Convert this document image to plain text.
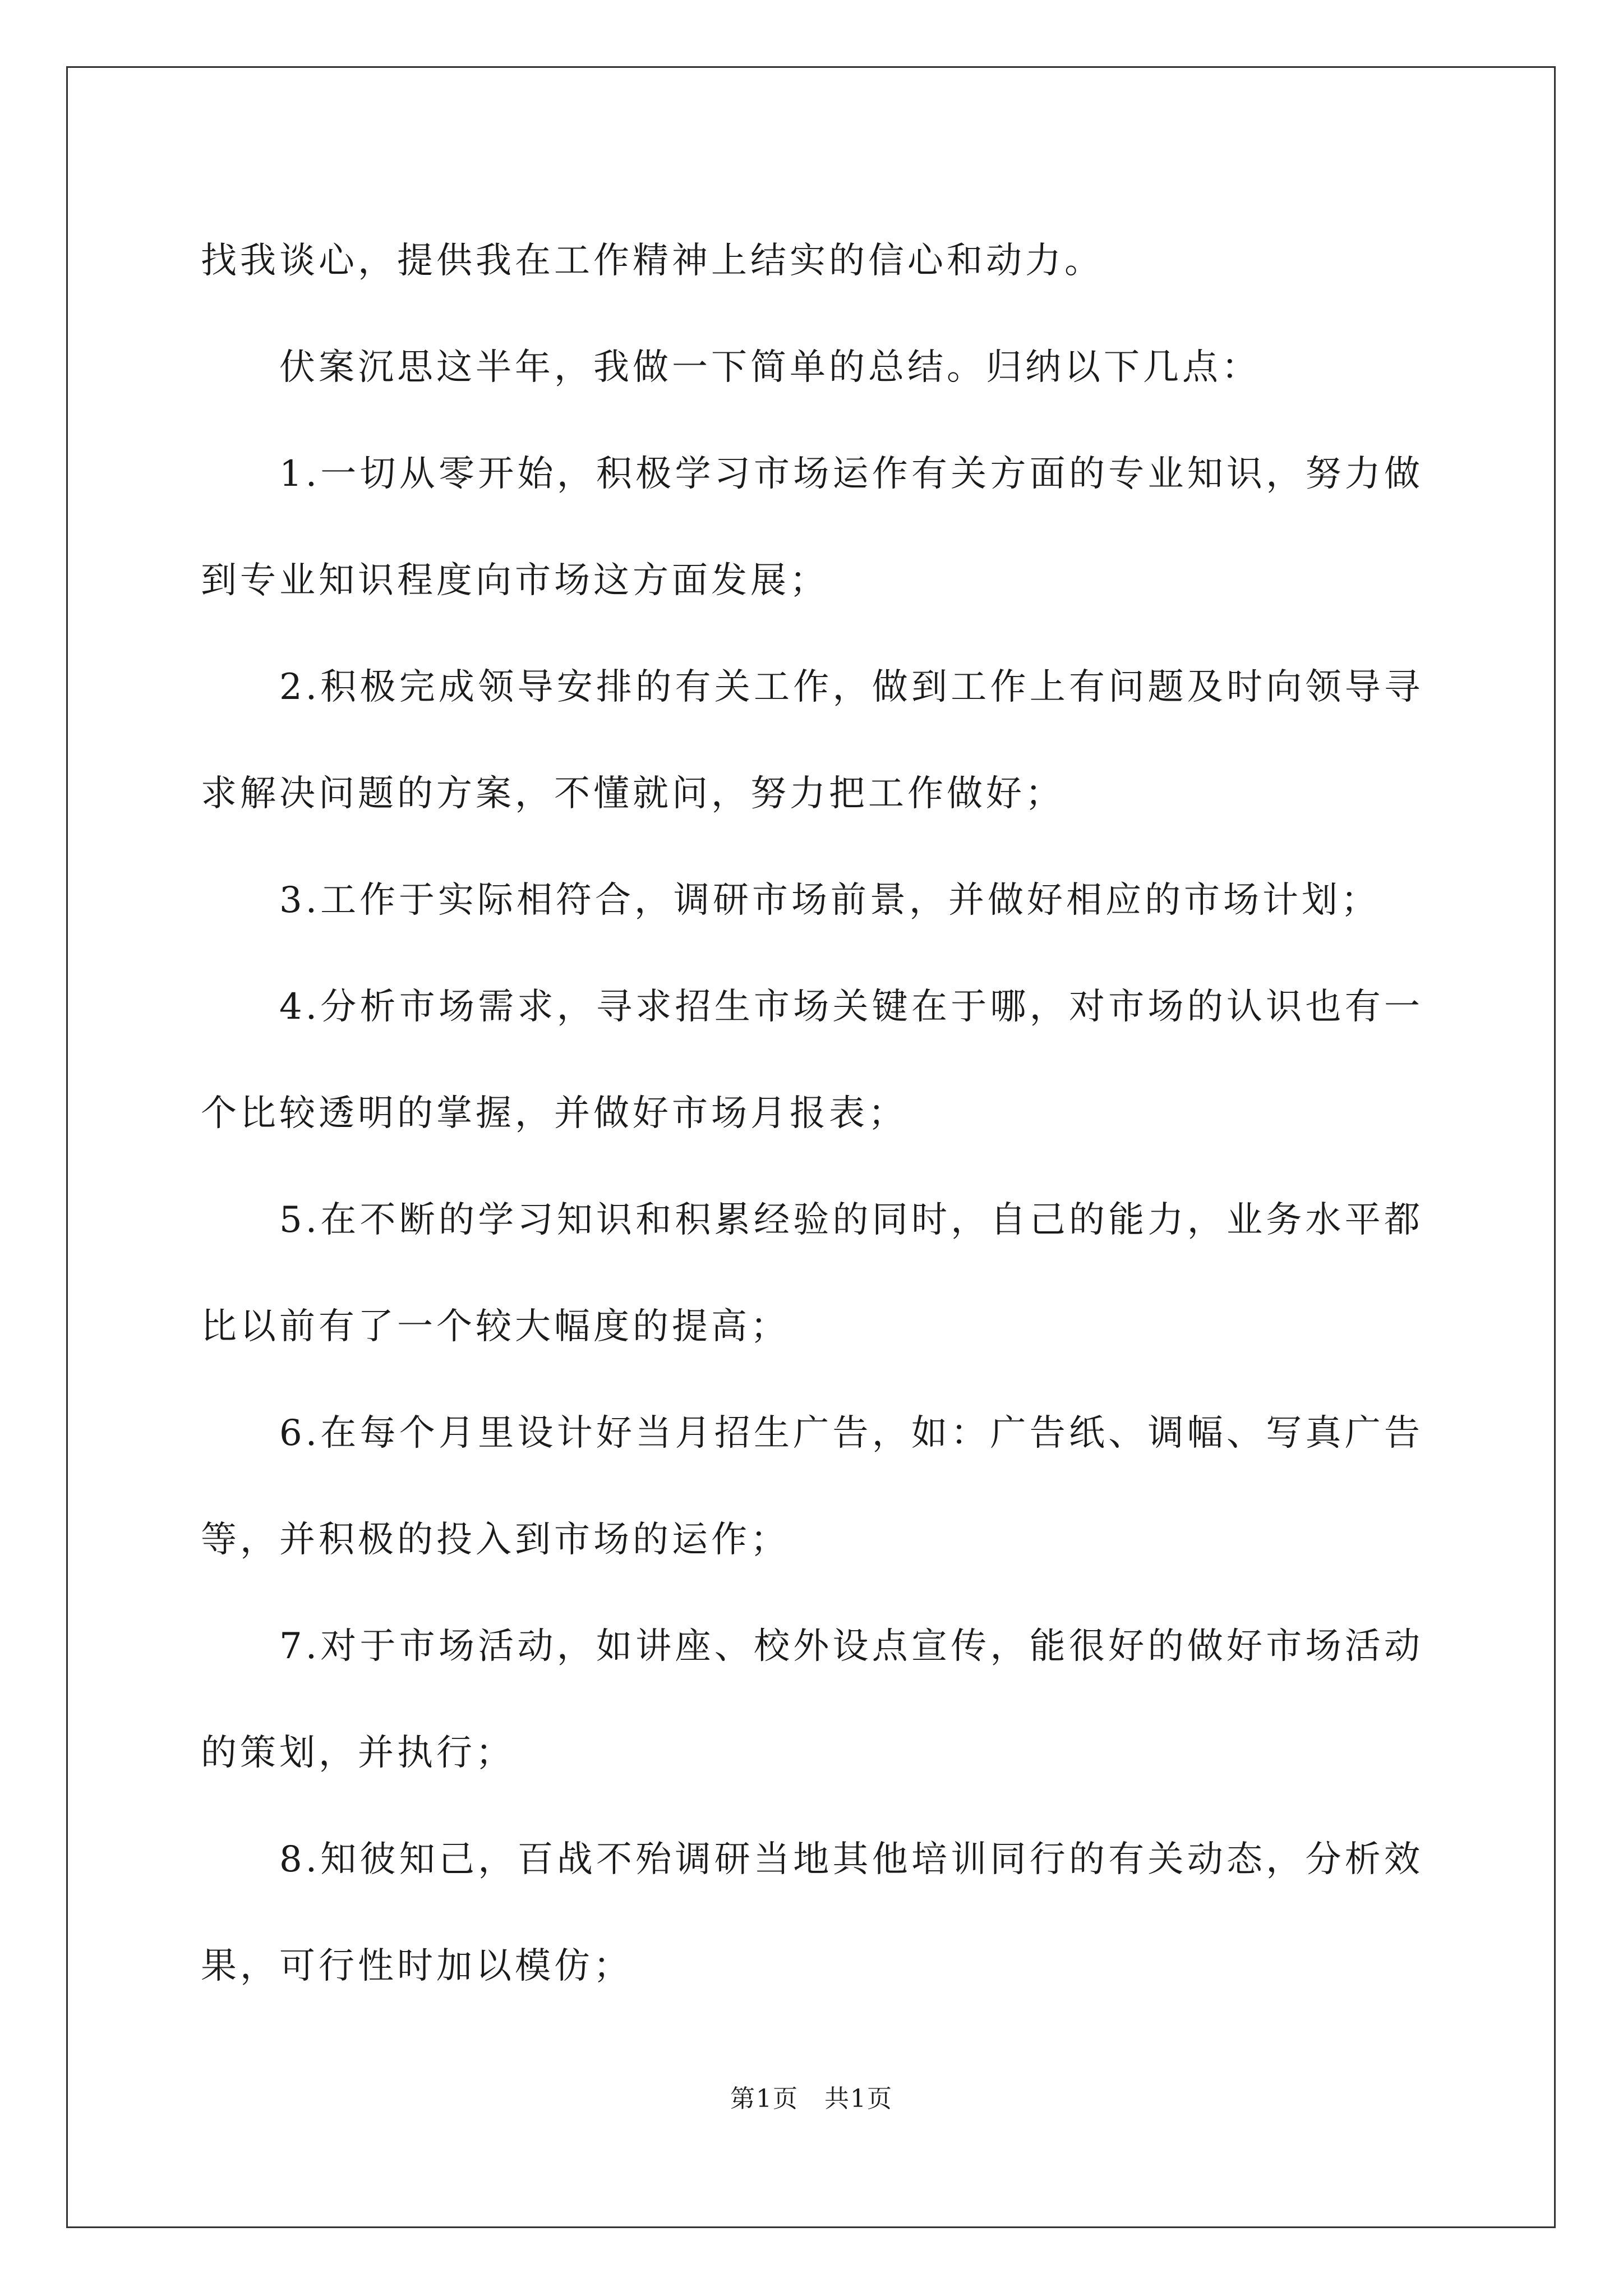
找我谈心，提供我在工作精神上结实的信心和动力。

伏案沉思这半年，我做一下简单的总结。归纳以下几点：

1.一切从零开始，积极学习市场运作有关方面的专业知识，努力做到专业知识程度向市场这方面发展；

2.积极完成领导安排的有关工作，做到工作上有问题及时向领导寻求解决问题的方案，不懂就问，努力把工作做好；

3.工作于实际相符合，调研市场前景，并做好相应的市场计划；

4.分析市场需求，寻求招生市场关键在于哪，对市场的认识也有一个比较透明的掌握，并做好市场月报表；

5.在不断的学习知识和积累经验的同时，自己的能力，业务水平都比以前有了一个较大幅度的提高；

6.在每个月里设计好当月招生广告，如：广告纸、调幅、写真广告等，并积极的投入到市场的运作；

7.对于市场活动，如讲座、校外设点宣传，能很好的做好市场活动的策划，并执行；

8.知彼知己，百战不殆调研当地其他培训同行的有关动态，分析效果，可行性时加以模仿；

第1页　共1页
